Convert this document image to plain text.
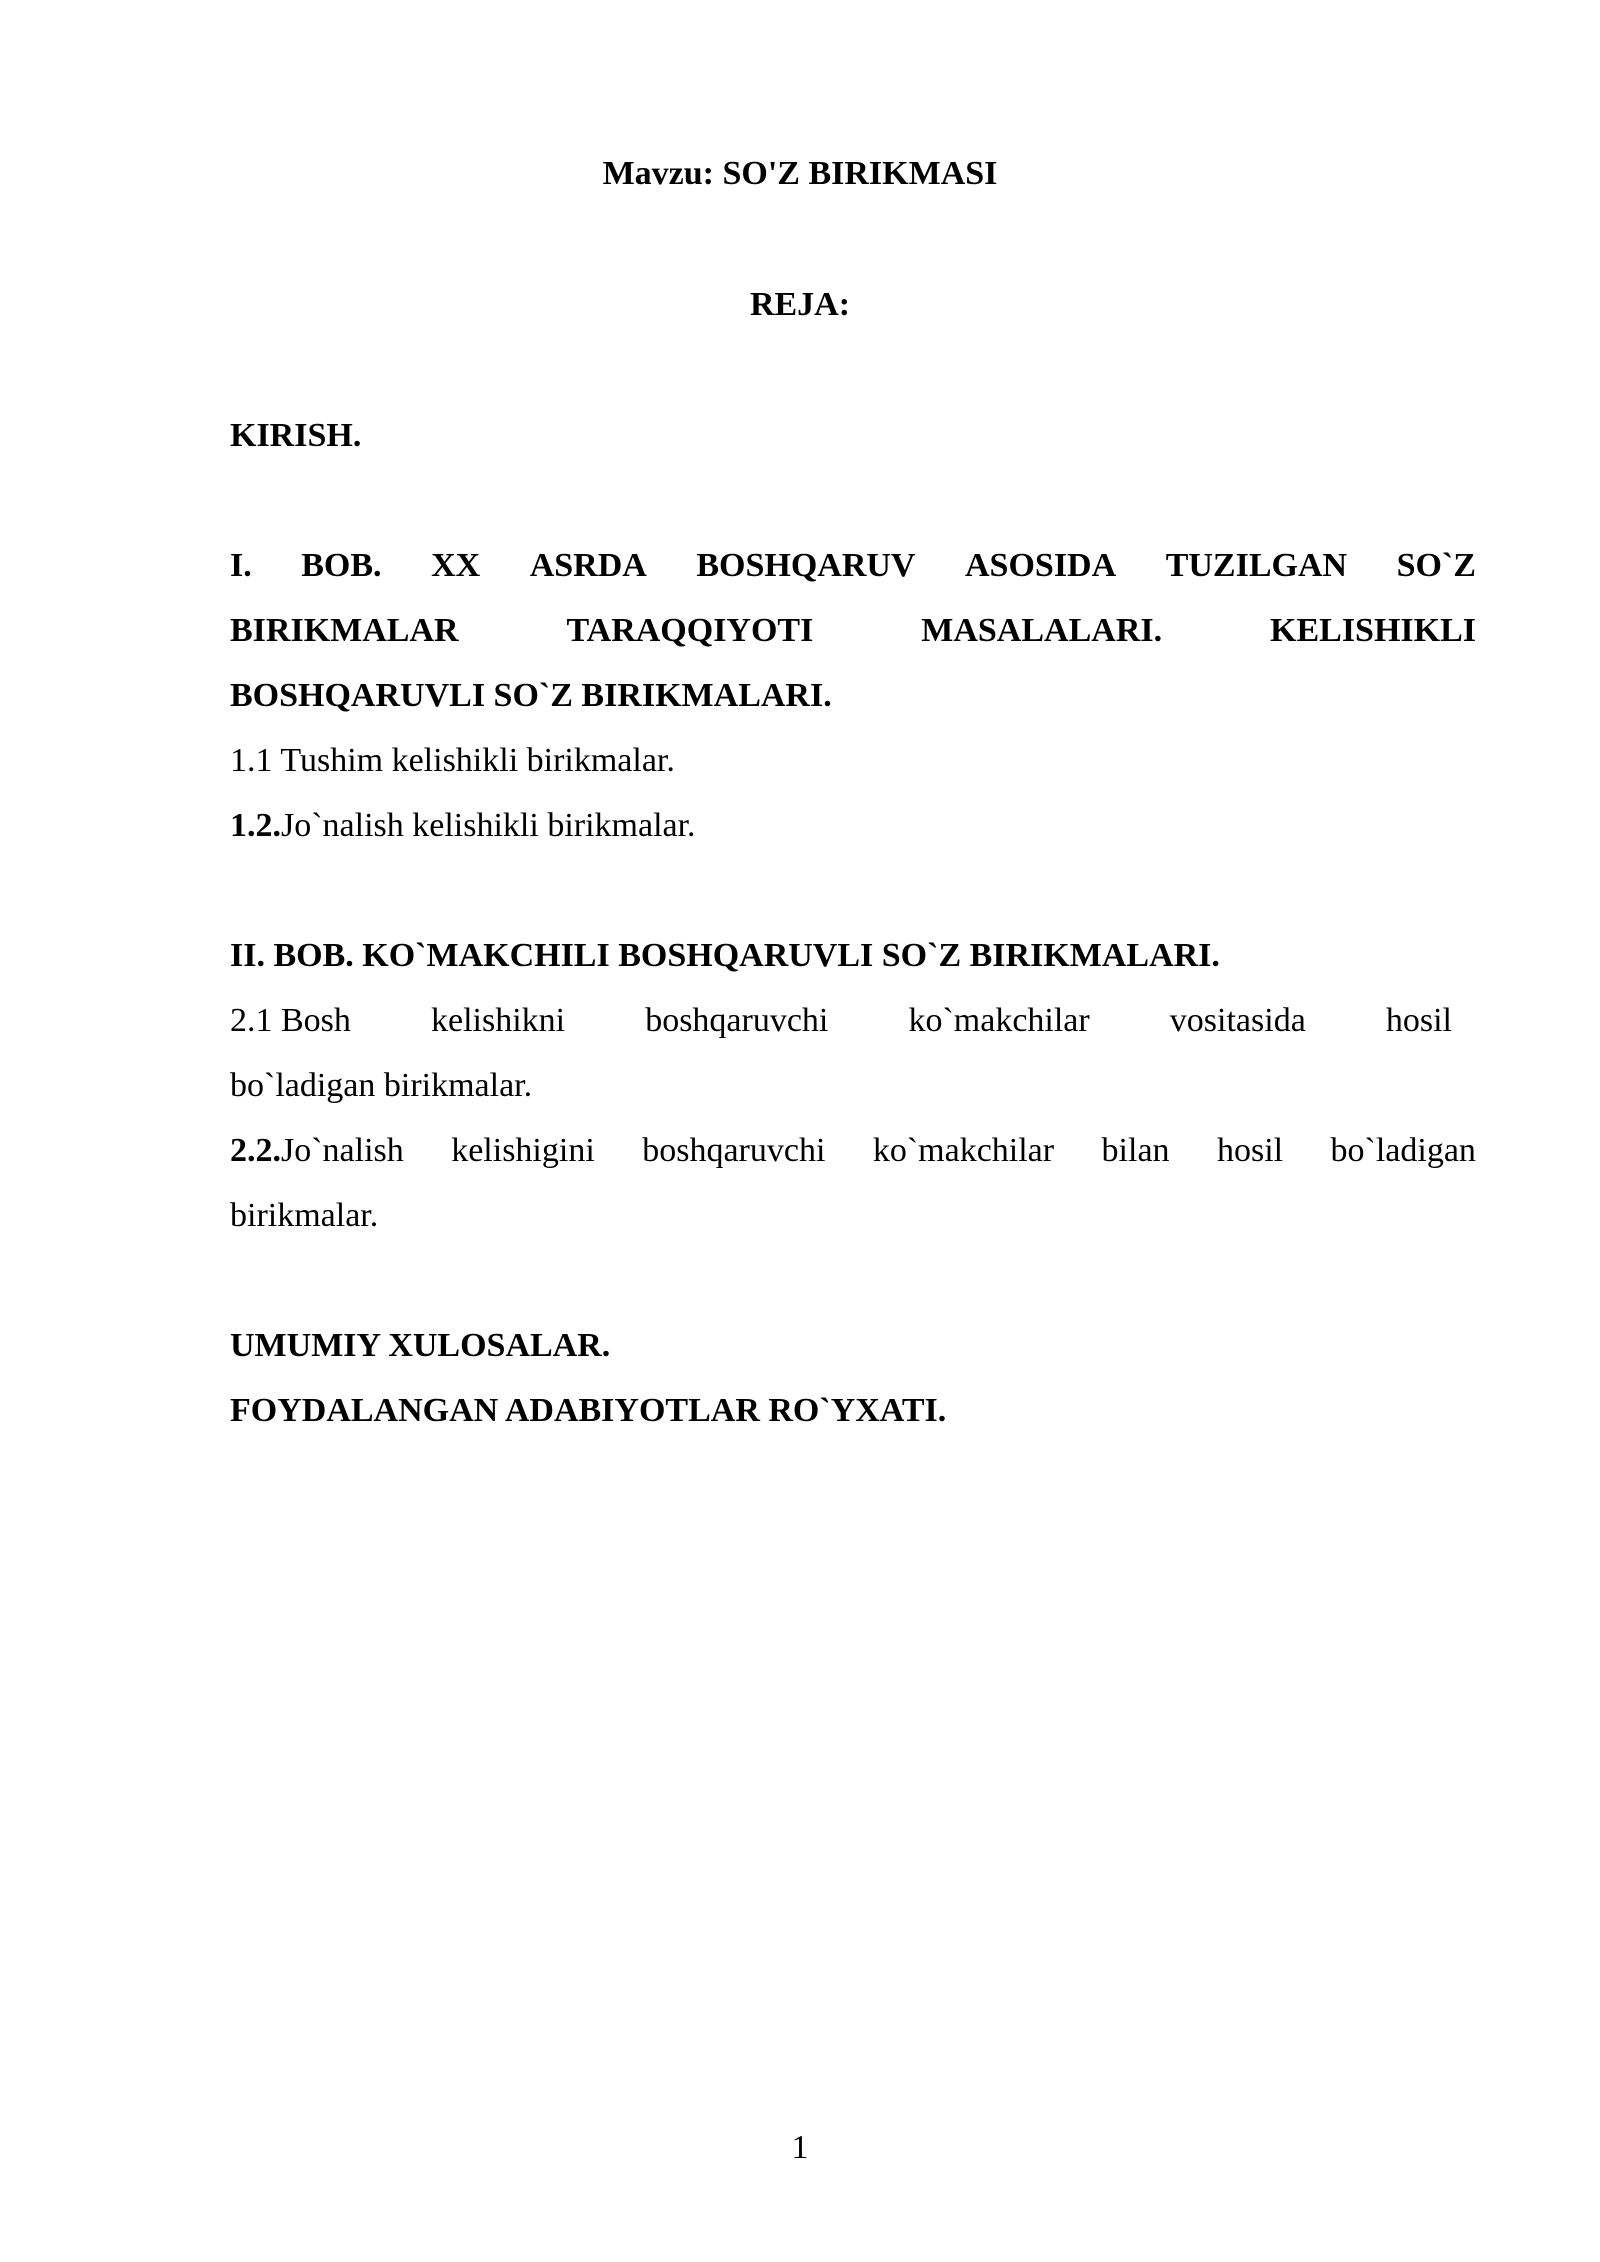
Mavzu: SO'Z BIRIKMASI
REJA:
KIRISH.
I. BOB. XX ASRDA BOSHQARUV ASOSIDA TUZILGAN SO`Z
BIRIKMALAR	TARAQQIYOTI	MASALALARI.	KELISHIKLI
BOSHQARUVLI SO`Z BIRIKMALARI.
1.1 Tushim kelishikli birikmalar.
1.2.Jo`nalish kelishikli birikmalar.
II. BOB. KO`MAKCHILI BOSHQARUVLI SO`Z BIRIKMALARI.
2.1 Bosh kelishikni boshqaruvchi ko`makchilar vositasida hosil
bo`ladigan birikmalar.
2.2.Jo`nalish kelishigini boshqaruvchi ko`makchilar bilan hosil bo`ladigan
birikmalar.
UMUMIY XULOSALAR.
FOYDALANGAN ADABIYOTLAR RO`YXATI.
1
